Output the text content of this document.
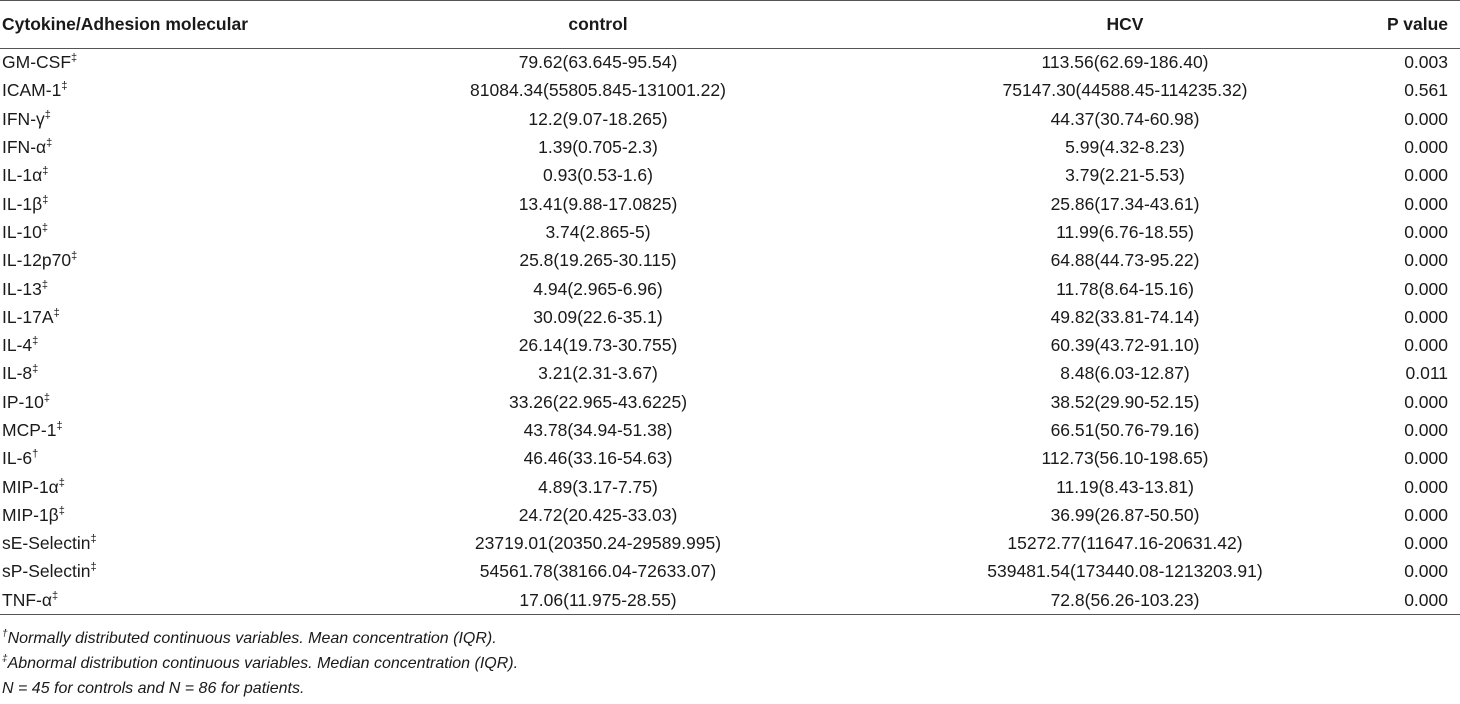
Cytokine/Adhesion molecular	control	HCV	P value
GM-CSF‡	79.62(63.645-95.54)	113.56(62.69-186.40)	0.003
ICAM-1‡	81084.34(55805.845-131001.22)	75147.30(44588.45-114235.32)	0.561
IFN-γ‡	12.2(9.07-18.265)	44.37(30.74-60.98)	0.000
IFN-α‡	1.39(0.705-2.3)	5.99(4.32-8.23)	0.000
IL-1α‡	0.93(0.53-1.6)	3.79(2.21-5.53)	0.000
IL-1β‡	13.41(9.88-17.0825)	25.86(17.34-43.61)	0.000
IL-10‡	3.74(2.865-5)	11.99(6.76-18.55)	0.000
IL-12p70‡	25.8(19.265-30.115)	64.88(44.73-95.22)	0.000
IL-13‡	4.94(2.965-6.96)	11.78(8.64-15.16)	0.000
IL-17A‡	30.09(22.6-35.1)	49.82(33.81-74.14)	0.000
IL-4‡	26.14(19.73-30.755)	60.39(43.72-91.10)	0.000
IL-8‡	3.21(2.31-3.67)	8.48(6.03-12.87)	0.011
IP-10‡	33.26(22.965-43.6225)	38.52(29.90-52.15)	0.000
MCP-1‡	43.78(34.94-51.38)	66.51(50.76-79.16)	0.000
IL-6†	46.46(33.16-54.63)	112.73(56.10-198.65)	0.000
MIP-1α‡	4.89(3.17-7.75)	11.19(8.43-13.81)	0.000
MIP-1β‡	24.72(20.425-33.03)	36.99(26.87-50.50)	0.000
sE-Selectin‡	23719.01(20350.24-29589.995)	15272.77(11647.16-20631.42)	0.000
sP-Selectin‡	54561.78(38166.04-72633.07)	539481.54(173440.08-1213203.91)	0.000
TNF-α‡	17.06(11.975-28.55)	72.8(56.26-103.23)	0.000
†Normally distributed continuous variables. Mean concentration (IQR).
‡Abnormal distribution continuous variables. Median concentration (IQR).
N = 45 for controls and N = 86 for patients.
